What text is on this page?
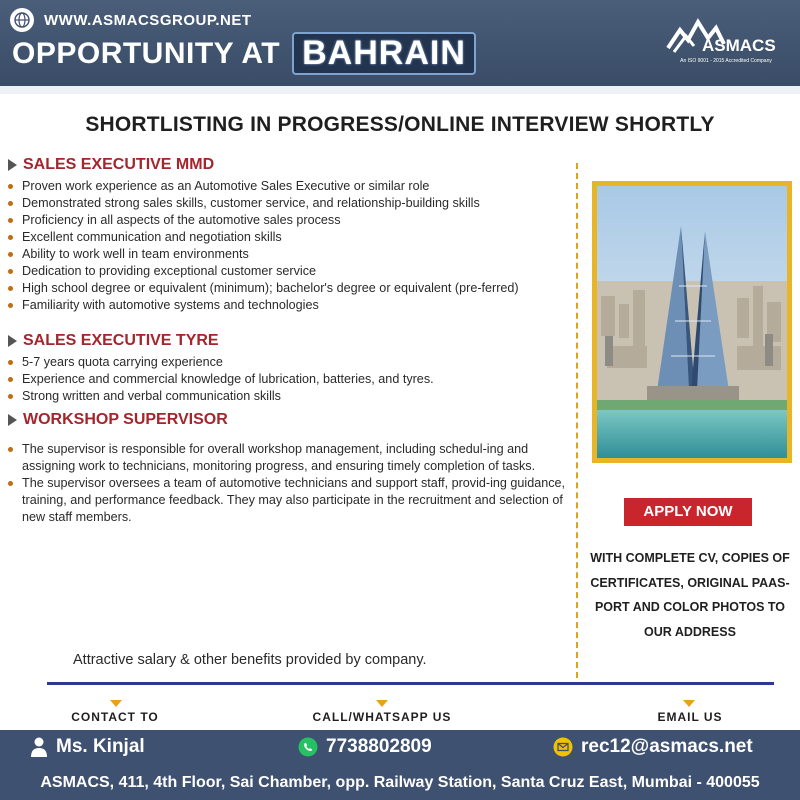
WWW.ASMACSGROUP.NET
OPPORTUNITY AT BAHRAIN	ASMACS
An ISO 9001 - 2015 Accredited Company
SHORTLISTING IN PROGRESS/ONLINE INTERVIEW SHORTLY
SALES EXECUTIVE MMD
Proven work experience as an Automotive Sales Executive or similar role
Demonstrated strong sales skills, customer service, and relationship-building skills
Proficiency in all aspects of the automotive sales process
Excellent communication and negotiation skills
Ability to work well in team environments
Dedication to providing exceptional customer service
High school degree or equivalent (minimum); bachelor's degree or equivalent (pre-ferred)
Familiarity with automotive systems and technologies
SALES EXECUTIVE TYRE
5-7 years quota carrying experience
Experience and commercial knowledge of lubrication, batteries, and tyres.
Strong written and verbal communication skills
WORKSHOP SUPERVISOR
The supervisor is responsible for overall workshop management, including schedul-ing and assigning work to technicians, monitoring progress, and ensuring timely completion of tasks.
The supervisor oversees a team of automotive technicians and support staff, provid-ing guidance, training, and performance feedback. They may also participate in the recruitment and selection of new staff members.
Attractive salary & other benefits provided by company.
APPLY NOW
WITH COMPLETE CV, COPIES OF CERTIFICATES, ORIGINAL PAAS-PORT AND COLOR PHOTOS TO OUR ADDRESS
CONTACT TO	CALL/WHATSAPP US	EMAIL US
Ms. Kinjal	7738802809	rec12@asmacs.net
ASMACS, 411, 4th Floor, Sai Chamber, opp. Railway Station, Santa Cruz East, Mumbai - 400055
